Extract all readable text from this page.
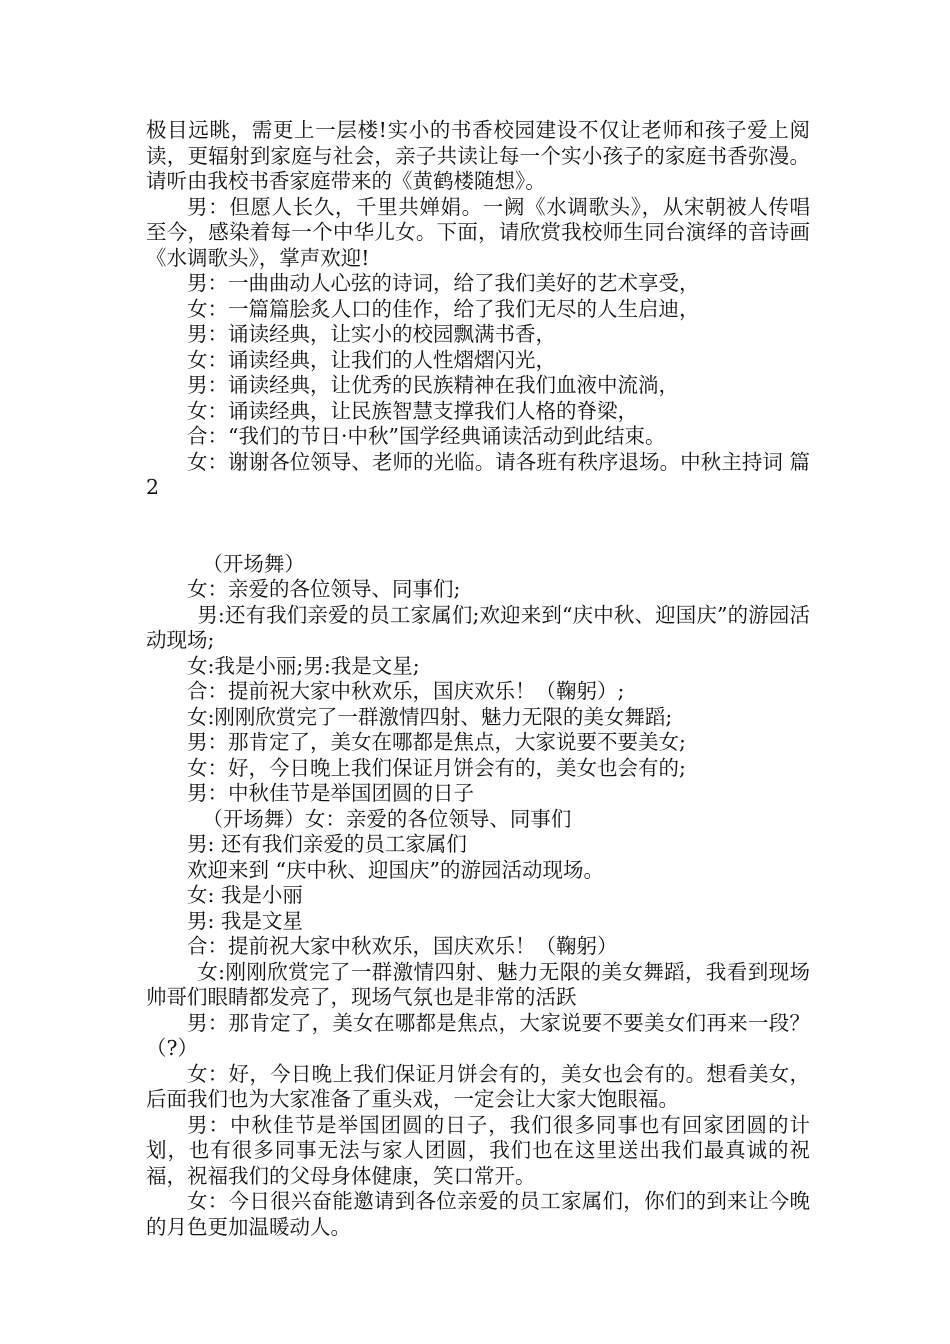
极目远眺，需更上一层楼!实小的书香校园建设不仅让老师和孩子爱上阅读，更辐射到家庭与社会，亲子共读让每一个实小孩子的家庭书香弥漫。请听由我校书香家庭带来的《黄鹤楼随想》。

男：但愿人长久，千里共婵娟。一阙《水调歌头》，从宋朝被人传唱至今，感染着每一个中华儿女。下面，请欣赏我校师生同台演绎的音诗画《水调歌头》，掌声欢迎!

男：一曲曲动人心弦的诗词，给了我们美好的艺术享受，

女：一篇篇脍炙人口的佳作，给了我们无尽的人生启迪，

男：诵读经典，让实小的校园飘满书香，

女：诵读经典，让我们的人性熠熠闪光，

男：诵读经典，让优秀的民族精神在我们血液中流淌，

女：诵读经典，让民族智慧支撑我们人格的脊梁，

合：“我们的节日·中秋”国学经典诵读活动到此结束。

女：谢谢各位领导、老师的光临。请各班有秩序退场。中秋主持词 篇2

（开场舞）

女：亲爱的各位领导、同事们;

男:还有我们亲爱的员工家属们;欢迎来到“庆中秋、迎国庆”的游园活动现场;

女:我是小丽;男:我是文星;

合：提前祝大家中秋欢乐，国庆欢乐！（鞠躬）;

女:刚刚欣赏完了一群激情四射、魅力无限的美女舞蹈;

男：那肯定了，美女在哪都是焦点，大家说要不要美女;

女：好，今日晚上我们保证月饼会有的，美女也会有的;

男：中秋佳节是举国团圆的日子

（开场舞）女：亲爱的各位领导、同事们

男: 还有我们亲爱的员工家属们

欢迎来到 “庆中秋、迎国庆”的游园活动现场。

女: 我是小丽

男: 我是文星

合：提前祝大家中秋欢乐，国庆欢乐！（鞠躬）

女:刚刚欣赏完了一群激情四射、魅力无限的美女舞蹈，我看到现场帅哥们眼睛都发亮了，现场气氛也是非常的活跃

男：那肯定了，美女在哪都是焦点，大家说要不要美女们再来一段？（?）

女：好，今日晚上我们保证月饼会有的，美女也会有的。想看美女，后面我们也为大家准备了重头戏，一定会让大家大饱眼福。

男：中秋佳节是举国团圆的日子，我们很多同事也有回家团圆的计划，也有很多同事无法与家人团圆，我们也在这里送出我们最真诚的祝福，祝福我们的父母身体健康，笑口常开。

女：今日很兴奋能邀请到各位亲爱的员工家属们，你们的到来让今晚的月色更加温暖动人。
